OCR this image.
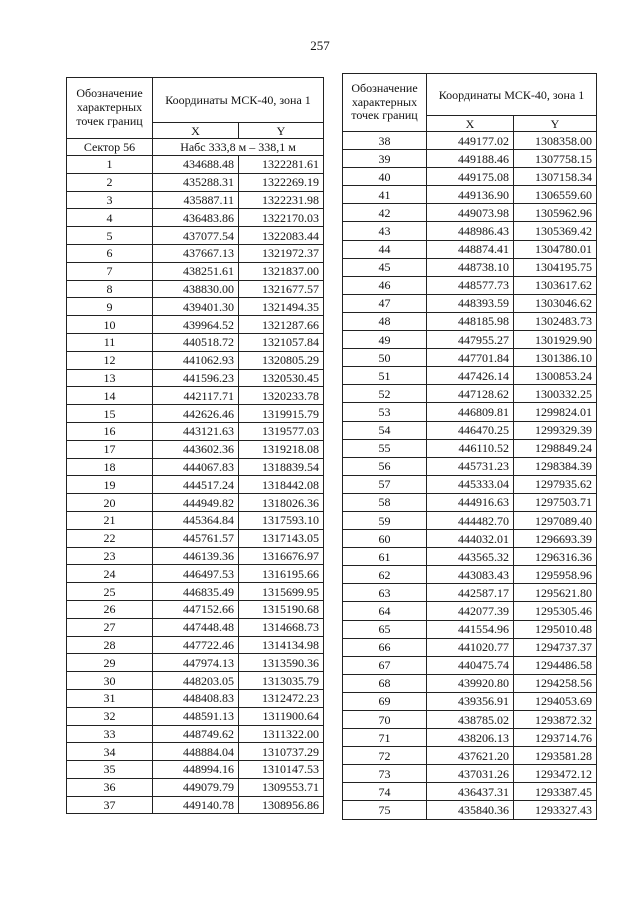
257
Обозначение характерных точек границ	Координаты МСК-40, зона 1	
	X	Y
Сектор 56	Набс 333,8 м – 338,1 м	
1	434688.48	1322281.61
2	435288.31	1322269.19
3	435887.11	1322231.98
4	436483.86	1322170.03
5	437077.54	1322083.44
6	437667.13	1321972.37
7	438251.61	1321837.00
8	438830.00	1321677.57
9	439401.30	1321494.35
10	439964.52	1321287.66
11	440518.72	1321057.84
12	441062.93	1320805.29
13	441596.23	1320530.45
14	442117.71	1320233.78
15	442626.46	1319915.79
16	443121.63	1319577.03
17	443602.36	1319218.08
18	444067.83	1318839.54
19	444517.24	1318442.08
20	444949.82	1318026.36
21	445364.84	1317593.10
22	445761.57	1317143.05
23	446139.36	1316676.97
24	446497.53	1316195.66
25	446835.49	1315699.95
26	447152.66	1315190.68
27	447448.48	1314668.73
28	447722.46	1314134.98
29	447974.13	1313590.36
30	448203.05	1313035.79
31	448408.83	1312472.23
32	448591.13	1311900.64
33	448749.62	1311322.00
34	448884.04	1310737.29
35	448994.16	1310147.53
36	449079.79	1309553.71
37	449140.78	1308956.86
Обозначение характерных точек границ	Координаты МСК-40, зона 1	
	X	Y
38	449177.02	1308358.00
39	449188.46	1307758.15
40	449175.08	1307158.34
41	449136.90	1306559.60
42	449073.98	1305962.96
43	448986.43	1305369.42
44	448874.41	1304780.01
45	448738.10	1304195.75
46	448577.73	1303617.62
47	448393.59	1303046.62
48	448185.98	1302483.73
49	447955.27	1301929.90
50	447701.84	1301386.10
51	447426.14	1300853.24
52	447128.62	1300332.25
53	446809.81	1299824.01
54	446470.25	1299329.39
55	446110.52	1298849.24
56	445731.23	1298384.39
57	445333.04	1297935.62
58	444916.63	1297503.71
59	444482.70	1297089.40
60	444032.01	1296693.39
61	443565.32	1296316.36
62	443083.43	1295958.96
63	442587.17	1295621.80
64	442077.39	1295305.46
65	441554.96	1295010.48
66	441020.77	1294737.37
67	440475.74	1294486.58
68	439920.80	1294258.56
69	439356.91	1294053.69
70	438785.02	1293872.32
71	438206.13	1293714.76
72	437621.20	1293581.28
73	437031.26	1293472.12
74	436437.31	1293387.45
75	435840.36	1293327.43
